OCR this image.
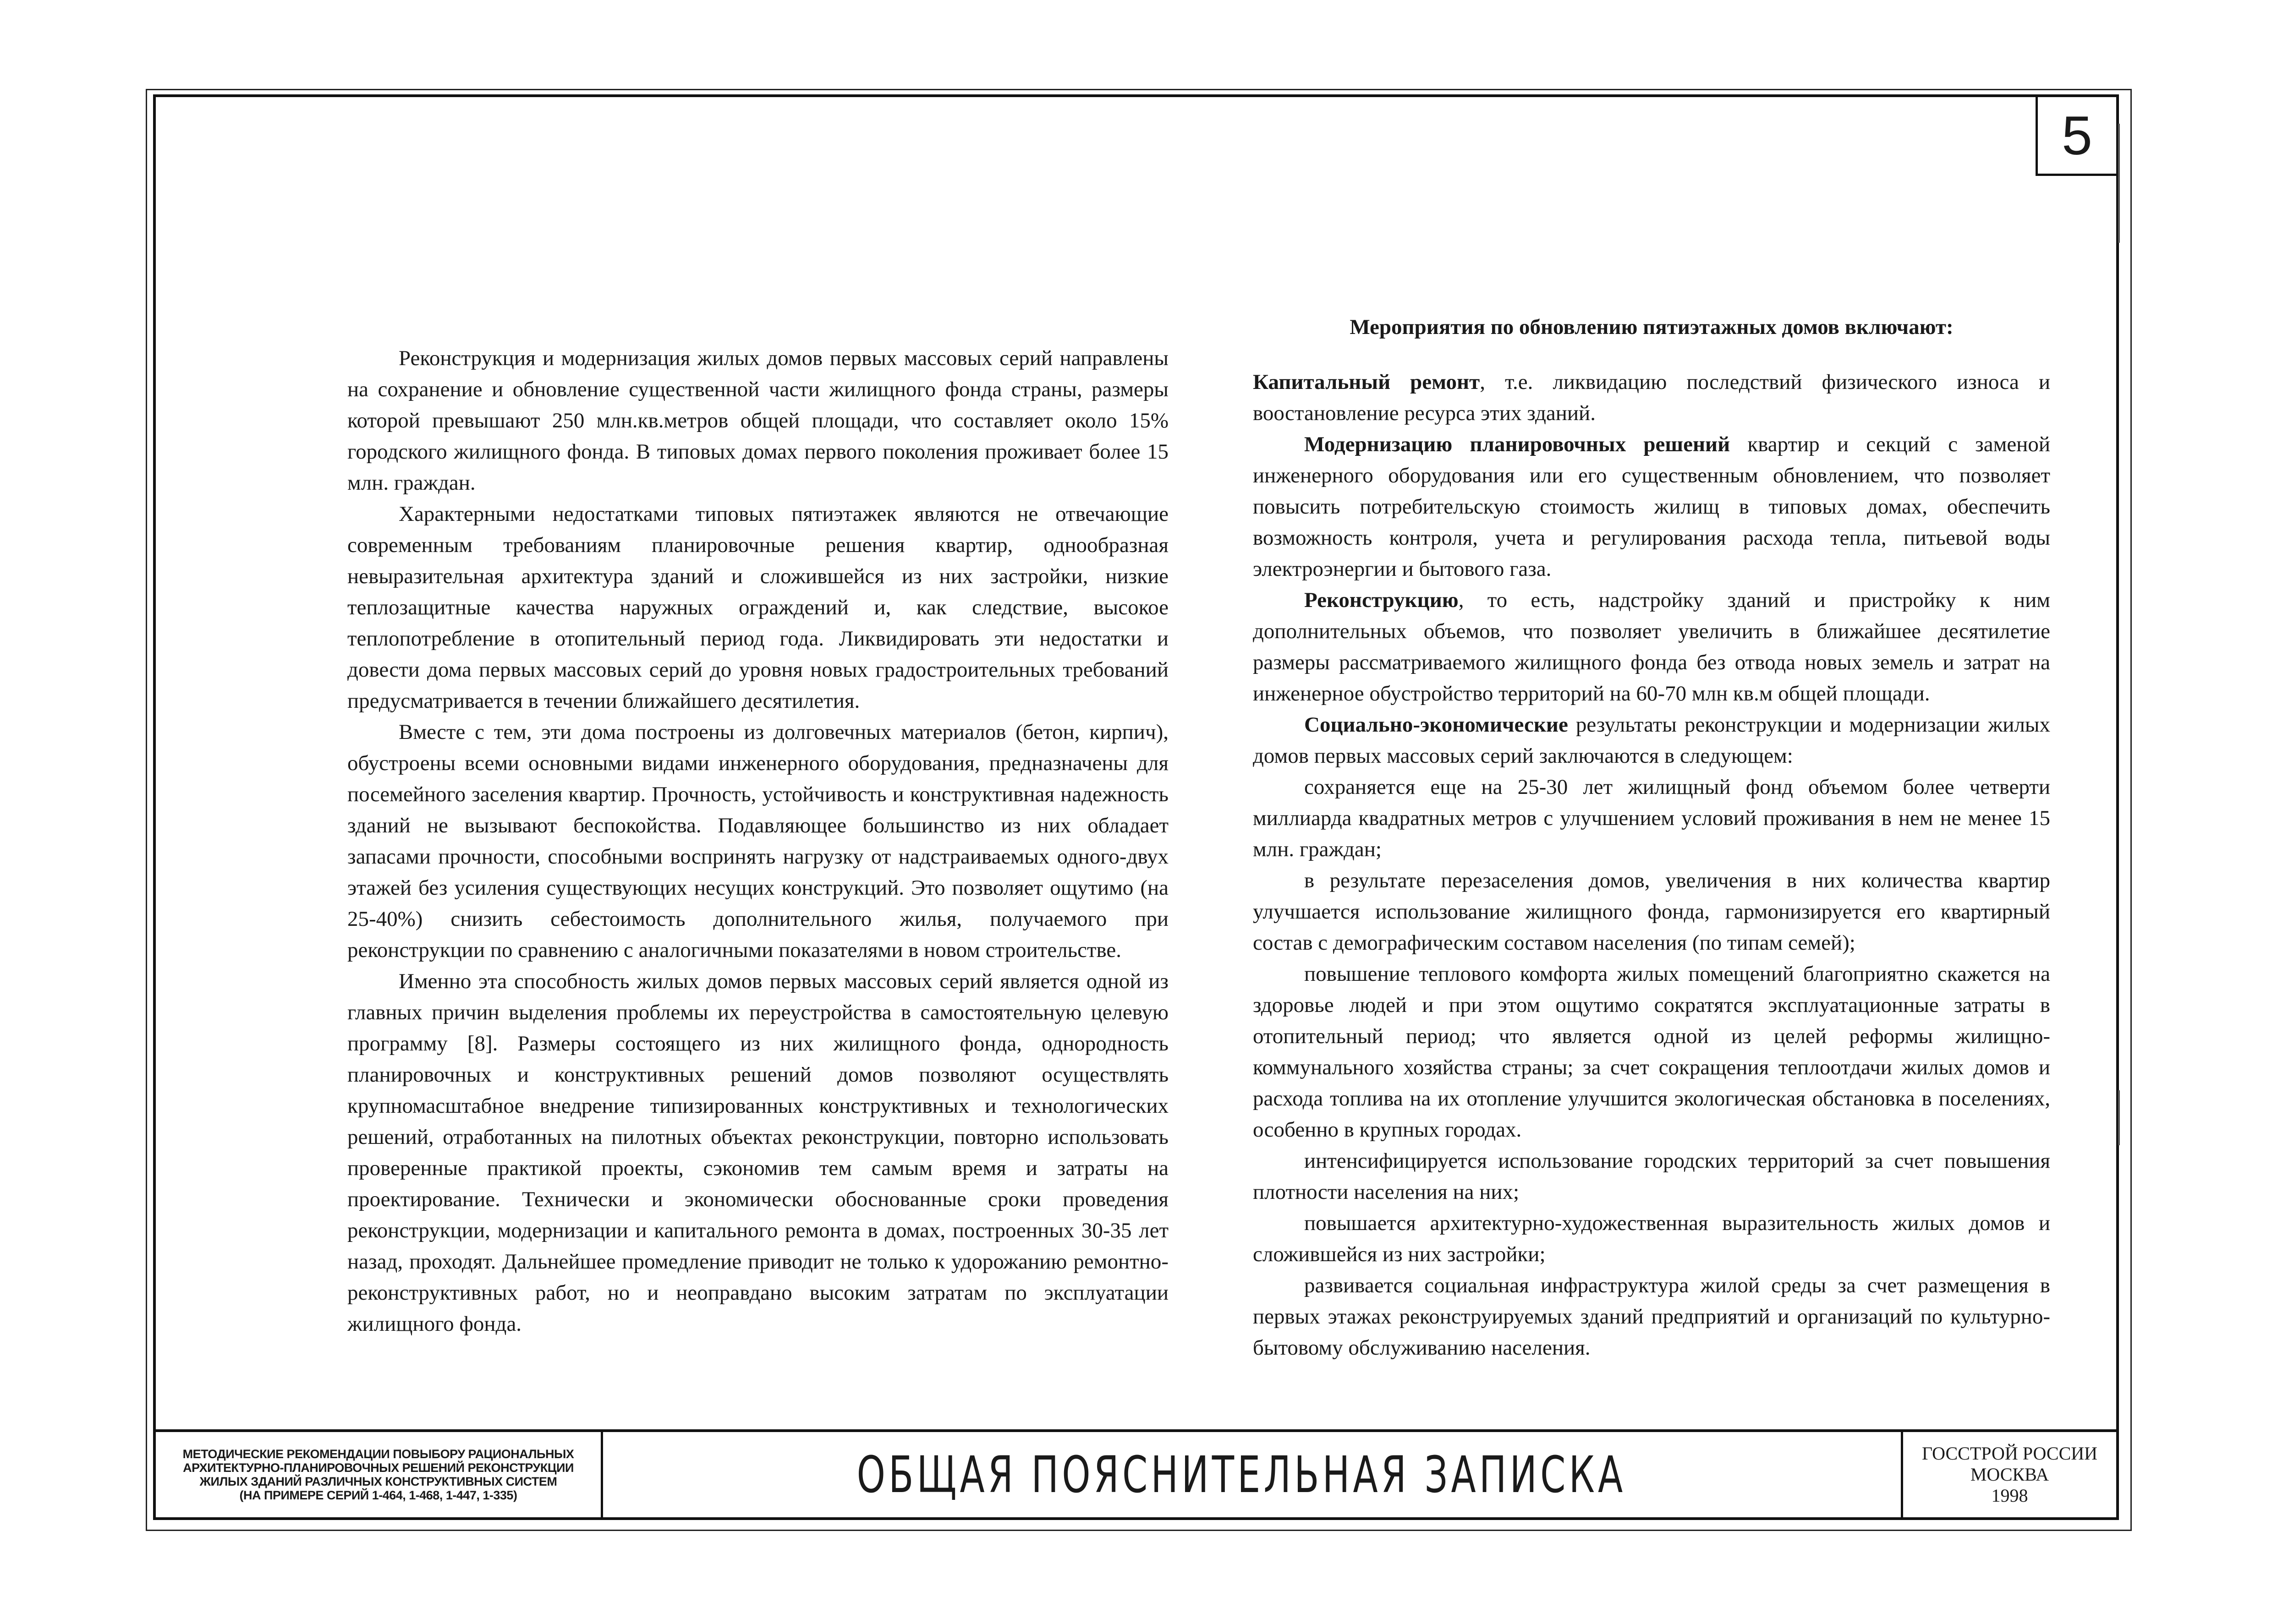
5

Реконструкция и модернизация жилых домов первых массовых серий направлены на сохранение и обновление существенной части жилищного фонда страны, размеры которой превышают 250 млн.кв.метров общей площади, что составляет около 15% городского жилищного фонда. В типовых домах первого поколения проживает более 15 млн. граждан.

Характерными недостатками типовых пятиэтажек являются не отвечающие современным требованиям планировочные решения квартир, однообразная невыразительная архитектура зданий и сложившейся из них застройки, низкие теплозащитные качества наружных ограждений и, как следствие, высокое теплопотребление в отопительный период года. Ликвидировать эти недостатки и довести дома первых массовых серий до уровня новых градостроительных требований предусматривается в течении ближайшего десятилетия.

Вместе с тем, эти дома построены из долговечных материалов (бетон, кирпич), обустроены всеми основными видами инженерного оборудования, предназначены для посемейного заселения квартир. Прочность, устойчивость и конструктивная надежность зданий не вызывают беспокойства. Подавляющее большинство из них обладает запасами прочности, способными воспринять нагрузку от надстраиваемых одного-двух этажей без усиления существующих несущих конструкций. Это позволяет ощутимо (на 25-40%) снизить себестоимость дополнительного жилья, получаемого при реконструкции по сравнению с аналогичными показателями в новом строительстве.

Именно эта способность жилых домов первых массовых серий является одной из главных причин выделения проблемы их переустройства в самостоятельную целевую программу [8]. Размеры состоящего из них жилищного фонда, однородность планировочных и конструктивных решений домов позволяют осуществлять крупномасштабное внедрение типизированных конструктивных и технологических решений, отработанных на пилотных объектах реконструкции, повторно использовать проверенные практикой проекты, сэкономив тем самым время и затраты на проектирование. Технически и экономически обоснованные сроки проведения реконструкции, модернизации и капитального ремонта в домах, построенных 30-35 лет назад, проходят. Дальнейшее промедление приводит не только к удорожанию ремонтно-реконструктивных работ, но и неоправдано высоким затратам по эксплуатации жилищного фонда.

Мероприятия по обновлению пятиэтажных домов включают:

Капитальный ремонт, т.е. ликвидацию последствий физического износа и воостановление ресурса этих зданий.

Модернизацию планировочных решений квартир и секций с заменой инженерного оборудования или его существенным обновлением, что позволяет повысить потребительскую стоимость жилищ в типовых домах, обеспечить возможность контроля, учета и регулирования расхода тепла, питьевой воды электроэнергии и бытового газа.

Реконструкцию, то есть, надстройку зданий и пристройку к ним дополнительных объемов, что позволяет увеличить в ближайшее десятилетие размеры рассматриваемого жилищного фонда без отвода новых земель и затрат на инженерное обустройство территорий на 60-70 млн кв.м общей площади.

Социально-экономические результаты реконструкции и модернизации жилых домов первых массовых серий заключаются в следующем:

сохраняется еще на 25-30 лет жилищный фонд объемом более четверти миллиарда квадратных метров с улучшением условий проживания в нем не менее 15 млн. граждан;

в результате перезаселения домов, увеличения в них количества квартир улучшается использование жилищного фонда, гармонизируется его квартирный состав с демографическим составом населения (по типам семей);

повышение теплового комфорта жилых помещений благоприятно скажется на здоровье людей и при этом ощутимо сократятся эксплуатационные затраты в отопительный период; что является одной из целей реформы жилищно-коммунального хозяйства страны; за счет сокращения теплоотдачи жилых домов и расхода топлива на их отопление улучшится экологическая обстановка в поселениях, особенно в крупных городах.

интенсифицируется использование городских территорий за счет повышения плотности населения на них;

повышается архитектурно-художественная выразительность жилых домов и сложившейся из них застройки;

развивается социальная инфраструктура жилой среды за счет размещения в первых этажах реконструируемых зданий предприятий и организаций по культурно-бытовому обслуживанию населения.

МЕТОДИЧЕСКИЕ РЕКОМЕНДАЦИИ ПОВЫБОРУ РАЦИОНАЛЬНЫХ
АРХИТЕКТУРНО-ПЛАНИРОВОЧНЫХ РЕШЕНИЙ РЕКОНСТРУКЦИИ
ЖИЛЫХ ЗДАНИЙ РАЗЛИЧНЫХ КОНСТРУКТИВНЫХ СИСТЕМ
(НА ПРИМЕРЕ СЕРИЙ 1-464, 1-468, 1-447, 1-335)	ОБЩАЯ ПОЯСНИТЕЛЬНАЯ ЗАПИСКА	ГОССТРОЙ РОССИИ
МОСКВА
1998
